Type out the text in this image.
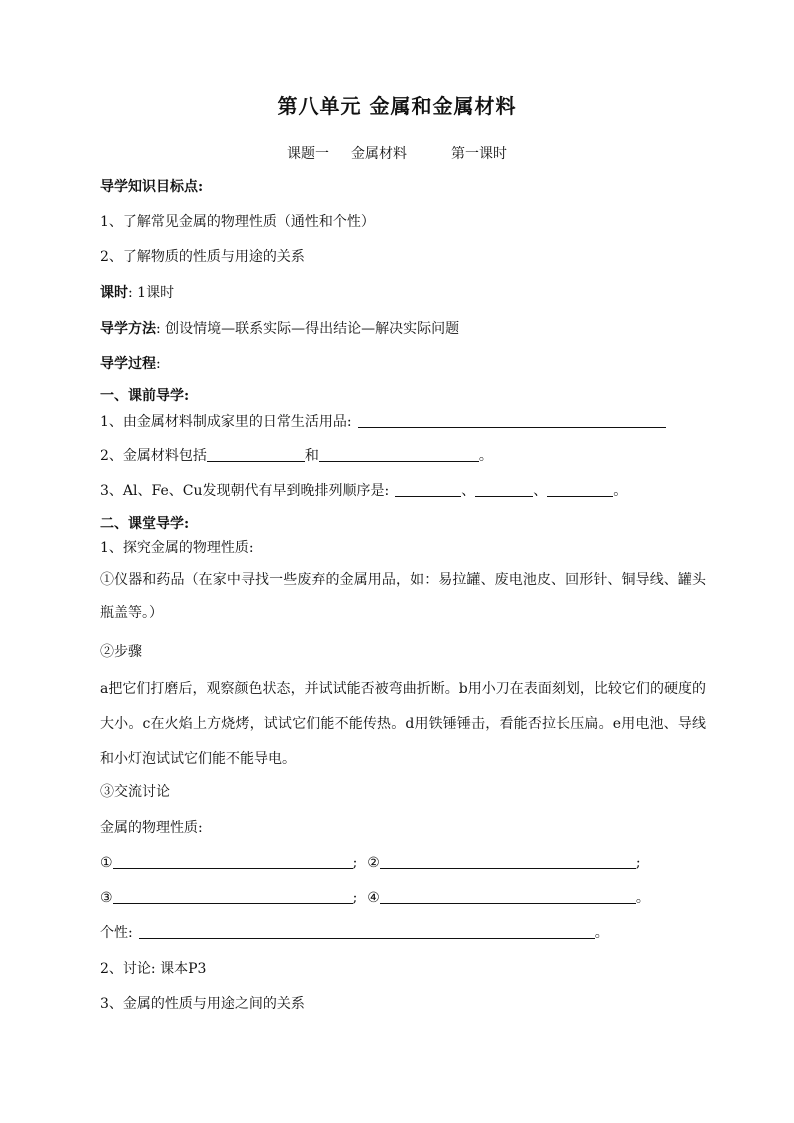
第八单元 金属和金属材料
课题一 金属材料	第一课时
导学知识目标点:
1、了解常见金属的物理性质（通性和个性）
2、了解物质的性质与用途的关系
课时: 1课时
导学方法: 创设情境—联系实际—得出结论—解决实际问题
导学过程:
一、课前导学:
1、由金属材料制成家里的日常生活用品:
2、金属材料包括	和	。
3、Al、Fe、Cu发现朝代有早到晚排列顺序是:	、	、	。
二、课堂导学:
1、探究金属的物理性质:
①仪器和药品（在家中寻找一些废弃的金属用品，如：易拉罐、废电池皮、回形针、铜导线、罐头瓶盖等。）
②步骤
a把它们打磨后，观察颜色状态，并试试能否被弯曲折断。b用小刀在表面刻划，比较它们的硬度的大小。c在火焰上方烧烤，试试它们能不能传热。d用铁锤锤击，看能否拉长压扁。e用电池、导线和小灯泡试试它们能不能导电。
③交流讨论
金属的物理性质:
①	; ②	;
③	; ④	。
个性:	。
2、讨论: 课本P3
3、金属的性质与用途之间的关系
